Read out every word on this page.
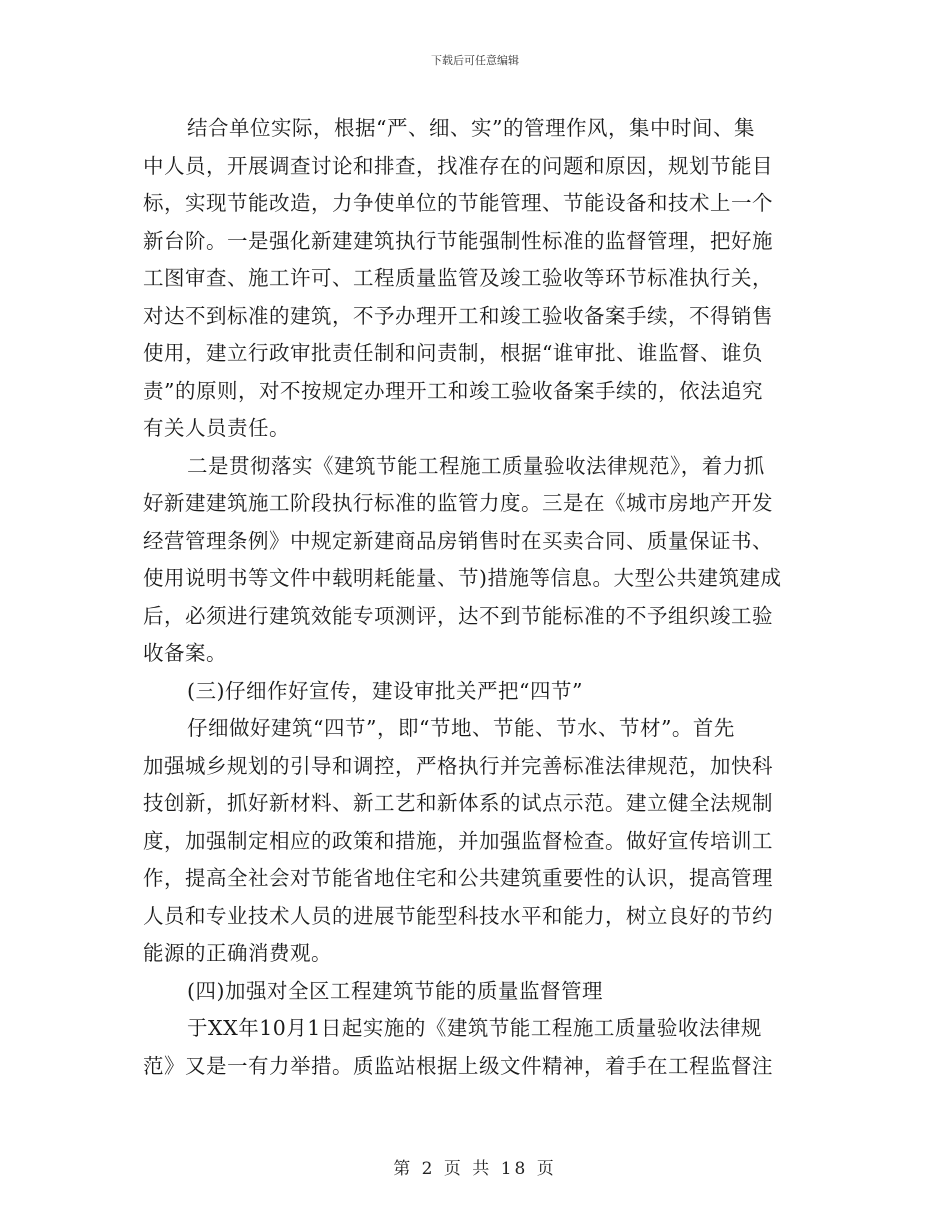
下载后可任意编辑
结合单位实际，根据“严、细、实”的管理作风，集中时间、集
中人员，开展调查讨论和排查，找准存在的问题和原因，规划节能目
标，实现节能改造，力争使单位的节能管理、节能设备和技术上一个
新台阶。一是强化新建建筑执行节能强制性标准的监督管理，把好施
工图审查、施工许可、工程质量监管及竣工验收等环节标准执行关，
对达不到标准的建筑，不予办理开工和竣工验收备案手续，不得销售
使用，建立行政审批责任制和问责制，根据“谁审批、谁监督、谁负
责”的原则，对不按规定办理开工和竣工验收备案手续的，依法追究
有关人员责任。
二是贯彻落实《建筑节能工程施工质量验收法律规范》，着力抓
好新建建筑施工阶段执行标准的监管力度。三是在《城市房地产开发
经营管理条例》中规定新建商品房销售时在买卖合同、质量保证书、
使用说明书等文件中载明耗能量、节)措施等信息。大型公共建筑建成
后，必须进行建筑效能专项测评，达不到节能标准的不予组织竣工验
收备案。
(三)仔细作好宣传，建设审批关严把“四节”
仔细做好建筑“四节”，即“节地、节能、节水、节材”。首先
加强城乡规划的引导和调控，严格执行并完善标准法律规范，加快科
技创新，抓好新材料、新工艺和新体系的试点示范。建立健全法规制
度，加强制定相应的政策和措施，并加强监督检查。做好宣传培训工
作，提高全社会对节能省地住宅和公共建筑重要性的认识，提高管理
人员和专业技术人员的进展节能型科技水平和能力，树立良好的节约
能源的正确消费观。
(四)加强对全区工程建筑节能的质量监督管理
于XX年10月1日起实施的《建筑节能工程施工质量验收法律规
范》又是一有力举措。质监站根据上级文件精神，着手在工程监督注
第 2 页 共 18 页
